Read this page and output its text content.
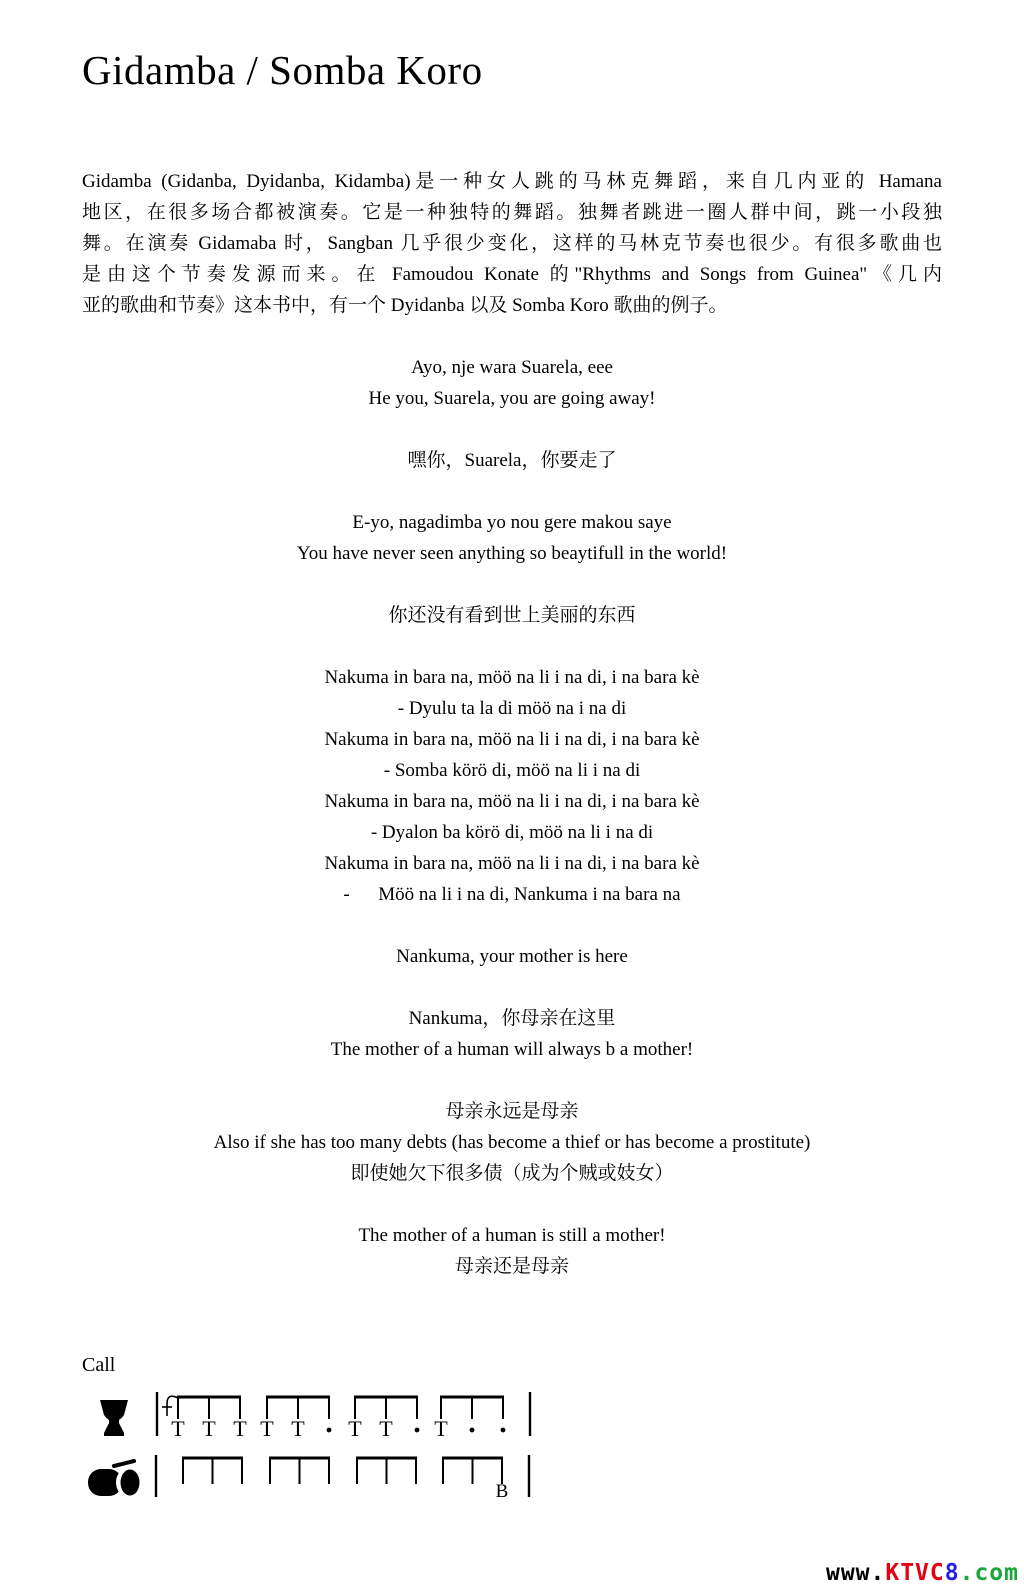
Gidamba / Somba Koro
Gidamba (Gidanba, Dyidanba, Kidamba)是一种女人跳的马林克舞蹈，来自几内亚的 Hamana
地区，在很多场合都被演奏。它是一种独特的舞蹈。独舞者跳进一圈人群中间，跳一小段独
舞。在演奏 Gidamaba 时，Sangban 几乎很少变化，这样的马林克节奏也很少。有很多歌曲也
是由这个节奏发源而来。在 Famoudou Konate 的"Rhythms and Songs from Guinea"《几内
亚的歌曲和节奏》这本书中，有一个 Dyidanba 以及 Somba Koro 歌曲的例子。
Ayo, nje wara Suarela, eee
He you, Suarela, you are going away!
嘿你，Suarela，你要走了
E-yo, nagadimba yo nou gere makou saye
You have never seen anything so beaytifull in the world!
你还没有看到世上美丽的东西
Nakuma in bara na, möö na li i na di, i na bara kè
- Dyulu ta la di möö na i na di
Nakuma in bara na, möö na li i na di, i na bara kè
- Somba körö di, möö na li i na di
Nakuma in bara na, möö na li i na di, i na bara kè
- Dyalon ba körö di, möö na li i na di
Nakuma in bara na, möö na li i na di, i na bara kè
-      Möö na li i na di, Nankuma i na bara na
Nankuma, your mother is here
Nankuma，你母亲在这里
The mother of a human will always b a mother!
母亲永远是母亲
Also if she has too many debts (has become a thief or has become a prostitute)
即使她欠下很多债（成为个贼或妓女）
The mother of a human is still a mother!
母亲还是母亲
Call
T T T T T T T T
B
www.KTVC8.com
